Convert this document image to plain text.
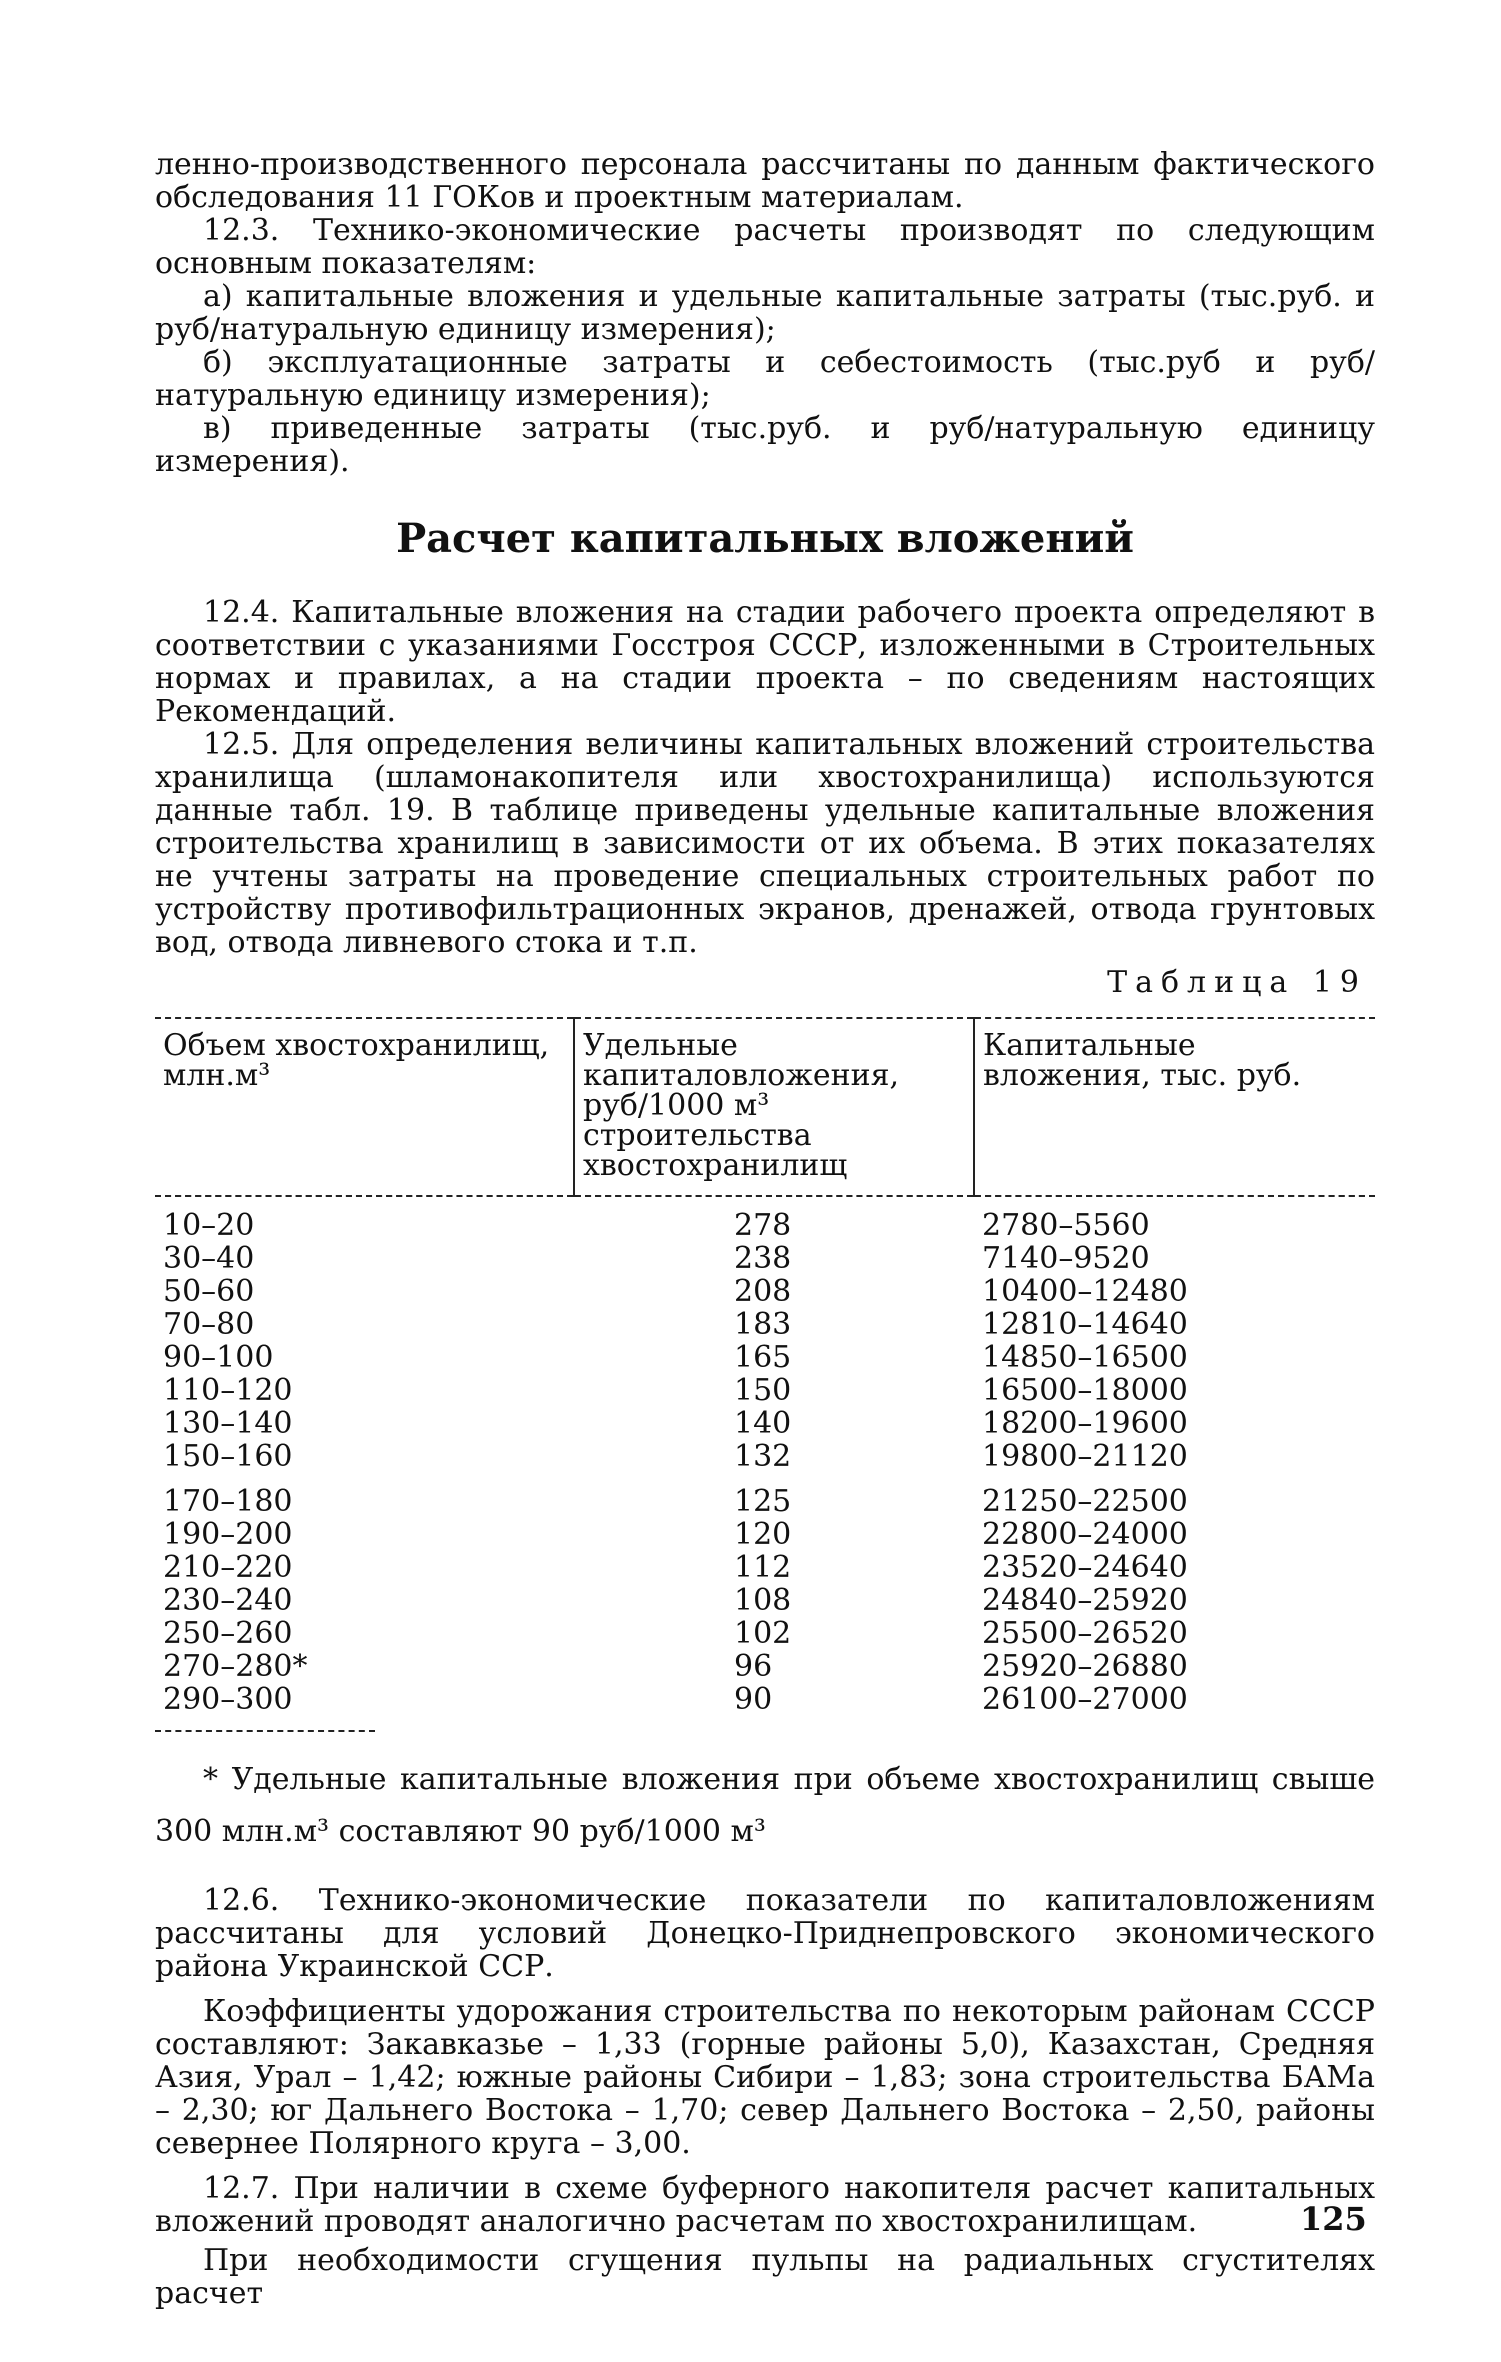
ленно-производственного персонала рассчитаны по данным фактического обследования 11 ГОКов и проектным материалам.

12.3. Технико-экономические расчеты производят по следующим основным показателям:

а) капитальные вложения и удельные капитальные затраты (тыс.руб. и руб/натуральную единицу измерения);

б) эксплуатационные затраты и себестоимость (тыс.руб и руб/натуральную единицу измерения);

в) приведенные затраты (тыс.руб. и руб/натуральную единицу измерения).

Расчет капитальных вложений

12.4. Капитальные вложения на стадии рабочего проекта определяют в соответствии с указаниями Госстроя СССР, изложенными в Строительных нормах и правилах, а на стадии проекта – по сведениям настоящих Рекомендаций.

12.5. Для определения величины капитальных вложений строительства хранилища (шламонакопителя или хвостохранилища) используются данные табл. 19. В таблице приведены удельные капитальные вложения строительства хранилищ в зависимости от их объема. В этих показателях не учтены затраты на проведение специальных строительных работ по устройству противофильтрационных экранов, дренажей, отвода грунтовых вод, отвода ливневого стока и т.п.

Таблица 19
Объем хвостохранилищ, млн.м³	Удельные капиталовложения, руб/1000 м³ строительства хвостохранилищ	Капитальные вложения, тыс. руб.
10–20	278	2780–5560
30–40	238	7140–9520
50–60	208	10400–12480
70–80	183	12810–14640
90–100	165	14850–16500
110–120	150	16500–18000
130–140	140	18200–19600
150–160	132	19800–21120
170–180	125	21250–22500
190–200	120	22800–24000
210–220	112	23520–24640
230–240	108	24840–25920
250–260	102	25500–26520
270–280*	96	25920–26880
290–300	90	26100–27000
* Удельные капитальные вложения при объеме хвостохранилищ свыше 300 млн.м³ составляют 90 руб/1000 м³

12.6. Технико-экономические показатели по капиталовложениям рассчитаны для условий Донецко-Приднепровского экономического района Украинской ССР.

Коэффициенты удорожания строительства по некоторым районам СССР составляют: Закавказье – 1,33 (горные районы 5,0), Казахстан, Средняя Азия, Урал – 1,42; южные районы Сибири – 1,83; зона строительства БАМа – 2,30; юг Дальнего Востока – 1,70; север Дальнего Востока – 2,50, районы севернее Полярного круга – 3,00.

12.7. При наличии в схеме буферного накопителя расчет капитальных вложений проводят аналогично расчетам по хвостохранилищам.

При необходимости сгущения пульпы на радиальных сгустителях расчет

125
